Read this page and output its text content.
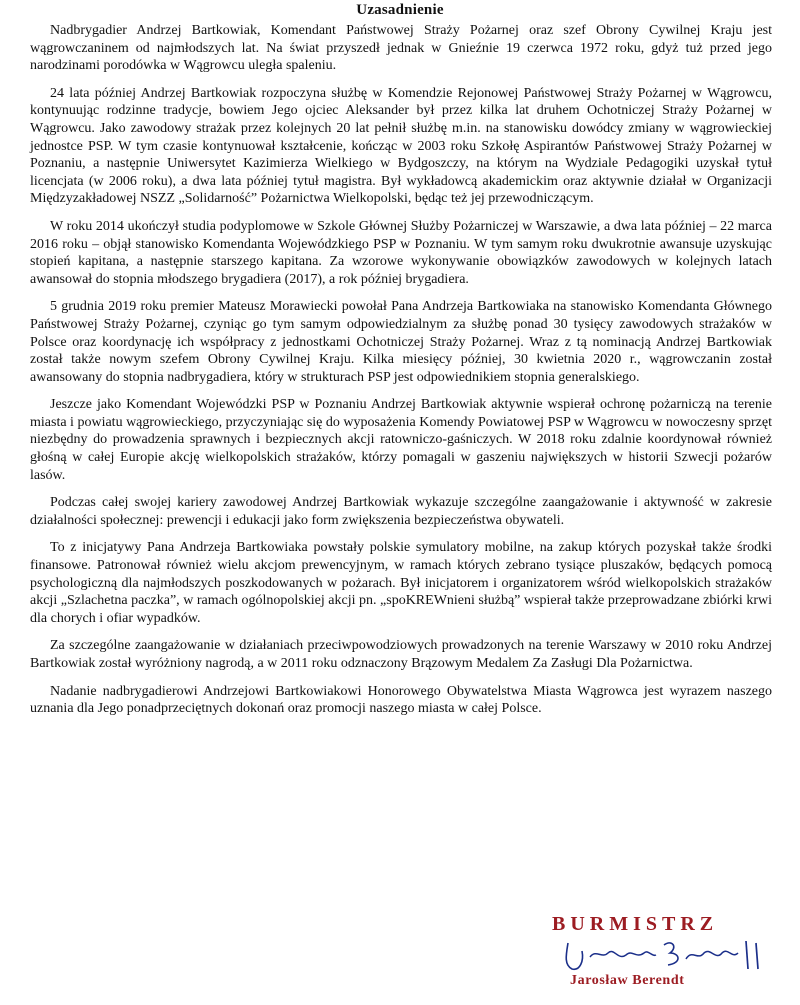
Uzasadnienie

Nadbrygadier Andrzej Bartkowiak, Komendant Państwowej Straży Pożarnej oraz szef Obrony Cywilnej Kraju jest wągrowczaninem od najmłodszych lat. Na świat przyszedł jednak w Gnieźnie 19 czerwca 1972 roku, gdyż tuż przed jego narodzinami porodówka w Wągrowcu uległa spaleniu.

24 lata później Andrzej Bartkowiak rozpoczyna służbę w Komendzie Rejonowej Państwowej Straży Pożarnej w Wągrowcu, kontynuując rodzinne tradycje, bowiem Jego ojciec Aleksander był przez kilka lat druhem Ochotniczej Straży Pożarnej w Wągrowcu. Jako zawodowy strażak przez kolejnych 20 lat pełnił służbę m.in. na stanowisku dowódcy zmiany w wągrowieckiej jednostce PSP. W tym czasie kontynuował kształcenie, kończąc w 2003 roku Szkołę Aspirantów Państwowej Straży Pożarnej w Poznaniu, a następnie Uniwersytet Kazimierza Wielkiego w Bydgoszczy, na którym na Wydziale Pedagogiki uzyskał tytuł licencjata (w 2006 roku), a dwa lata później tytuł magistra. Był wykładowcą akademickim oraz aktywnie działał w Organizacji Międzyzakładowej NSZZ „Solidarność” Pożarnictwa Wielkopolski, będąc też jej przewodniczącym.

W roku 2014 ukończył studia podyplomowe w Szkole Głównej Służby Pożarniczej w Warszawie, a dwa lata później – 22 marca 2016 roku – objął stanowisko Komendanta Wojewódzkiego PSP w Poznaniu. W tym samym roku dwukrotnie awansuje uzyskując stopień kapitana, a następnie starszego kapitana. Za wzorowe wykonywanie obowiązków zawodowych w kolejnych latach awansował do stopnia młodszego brygadiera (2017), a rok później brygadiera.

5 grudnia 2019 roku premier Mateusz Morawiecki powołał Pana Andrzeja Bartkowiaka na stanowisko Komendanta Głównego Państwowej Straży Pożarnej, czyniąc go tym samym odpowiedzialnym za służbę ponad 30 tysięcy zawodowych strażaków w Polsce oraz koordynację ich współpracy z jednostkami Ochotniczej Straży Pożarnej. Wraz z tą nominacją Andrzej Bartkowiak został także nowym szefem Obrony Cywilnej Kraju. Kilka miesięcy później, 30 kwietnia 2020 r., wągrowczanin został awansowany do stopnia nadbrygadiera, który w strukturach PSP jest odpowiednikiem stopnia generalskiego.

Jeszcze jako Komendant Wojewódzki PSP w Poznaniu Andrzej Bartkowiak aktywnie wspierał ochronę pożarniczą na terenie miasta i powiatu wągrowieckiego, przyczyniając się do wyposażenia Komendy Powiatowej PSP w Wągrowcu w nowoczesny sprzęt niezbędny do prowadzenia sprawnych i bezpiecznych akcji ratowniczo-gaśniczych. W 2018 roku zdalnie koordynował również głośną w całej Europie akcję wielkopolskich strażaków, którzy pomagali w gaszeniu największych w historii Szwecji pożarów lasów.

Podczas całej swojej kariery zawodowej Andrzej Bartkowiak wykazuje szczególne zaangażowanie i aktywność w zakresie działalności społecznej: prewencji i edukacji jako form zwiększenia bezpieczeństwa obywateli.

To z inicjatywy Pana Andrzeja Bartkowiaka powstały polskie symulatory mobilne, na zakup których pozyskał także środki finansowe. Patronował również wielu akcjom prewencyjnym, w ramach których zebrano tysiące pluszaków, będących pomocą psychologiczną dla najmłodszych poszkodowanych w pożarach. Był inicjatorem i organizatorem wśród wielkopolskich strażaków akcji „Szlachetna paczka”, w ramach ogólnopolskiej akcji pn. „spoKREWnieni służbą” wspierał także przeprowadzane zbiórki krwi dla chorych i ofiar wypadków.

Za szczególne zaangażowanie w działaniach przeciwpowodziowych prowadzonych na terenie Warszawy w 2010 roku Andrzej Bartkowiak został wyróżniony nagrodą, a w 2011 roku odznaczony Brązowym Medalem Za Zasługi Dla Pożarnictwa.

Nadanie nadbrygadierowi Andrzejowi Bartkowiakowi Honorowego Obywatelstwa Miasta Wągrowca jest wyrazem naszego uznania dla Jego ponadprzeciętnych dokonań oraz promocji naszego miasta w całej Polsce.

BURMISTRZ
Jarosław Berendt
